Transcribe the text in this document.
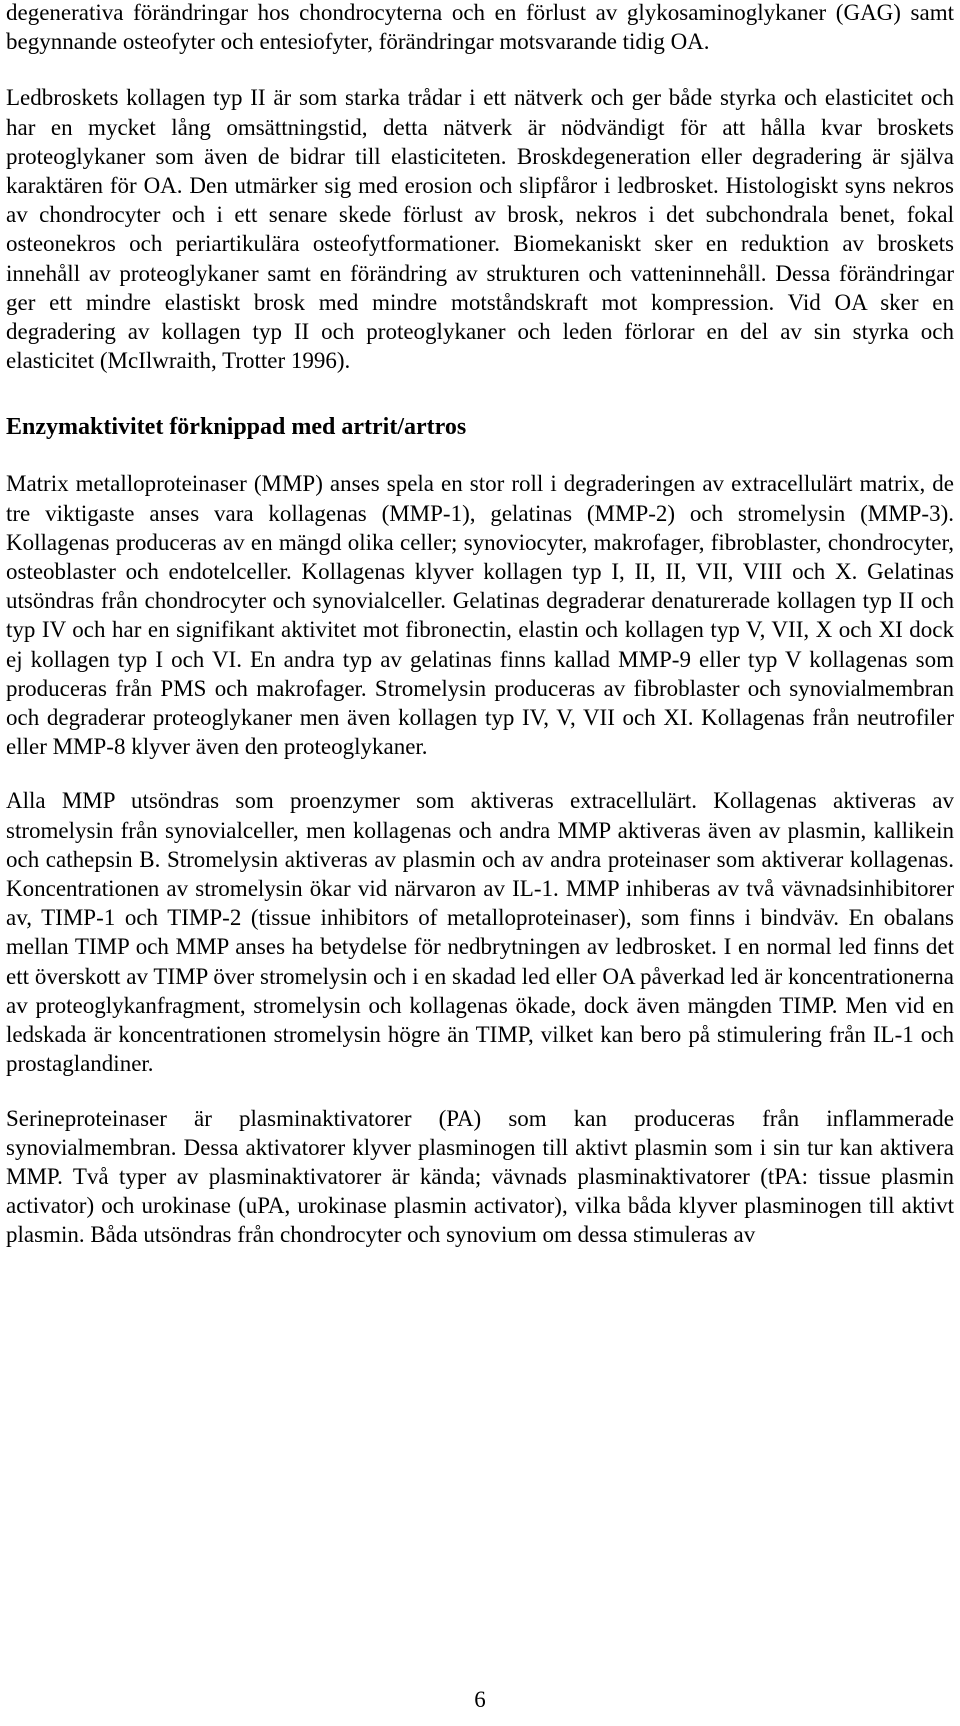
degenerativa förändringar hos chondrocyterna och en förlust av glykosaminoglykaner (GAG) samt begynnande osteofyter och entesiofyter, förändringar motsvarande tidig OA.

Ledbroskets kollagen typ II är som starka trådar i ett nätverk och ger både styrka och elasticitet och har en mycket lång omsättningstid, detta nätverk är nödvändigt för att hålla kvar broskets proteoglykaner som även de bidrar till elasticiteten. Broskdegeneration eller degradering är själva karaktären för OA. Den utmärker sig med erosion och slipfåror i ledbrosket. Histologiskt syns nekros av chondrocyter och i ett senare skede förlust av brosk, nekros i det subchondrala benet, fokal osteonekros och periartikulära osteofytformationer. Biomekaniskt sker en reduktion av broskets innehåll av proteoglykaner samt en förändring av strukturen och vatteninnehåll. Dessa förändringar ger ett mindre elastiskt brosk med mindre motståndskraft mot kompression. Vid OA sker en degradering av kollagen typ II och proteoglykaner och leden förlorar en del av sin styrka och elasticitet (McIlwraith, Trotter 1996).

Enzymaktivitet förknippad med artrit/artros

Matrix metalloproteinaser (MMP) anses spela en stor roll i degraderingen av extracellulärt matrix, de tre viktigaste anses vara kollagenas (MMP-1), gelatinas (MMP-2) och stromelysin (MMP-3). Kollagenas produceras av en mängd olika celler; synoviocyter, makrofager, fibroblaster, chondrocyter, osteoblaster och endotelceller. Kollagenas klyver kollagen typ I, II, II, VII, VIII och X. Gelatinas utsöndras från chondrocyter och synovialceller. Gelatinas degraderar denaturerade kollagen typ II och typ IV och har en signifikant aktivitet mot fibronectin, elastin och kollagen typ V, VII, X och XI dock ej kollagen typ I och VI. En andra typ av gelatinas finns kallad MMP-9 eller typ V kollagenas som produceras från PMS och makrofager. Stromelysin produceras av fibroblaster och synovialmembran och degraderar proteoglykaner men även kollagen typ IV, V, VII och XI. Kollagenas från neutrofiler eller MMP-8 klyver även den proteoglykaner.

Alla MMP utsöndras som proenzymer som aktiveras extracellulärt. Kollagenas aktiveras av stromelysin från synovialceller, men kollagenas och andra MMP aktiveras även av plasmin, kallikein och cathepsin B. Stromelysin aktiveras av plasmin och av andra proteinaser som aktiverar kollagenas. Koncentrationen av stromelysin ökar vid närvaron av IL-1. MMP inhiberas av två vävnadsinhibitorer av, TIMP-1 och TIMP-2 (tissue inhibitors of metalloproteinaser), som finns i bindväv. En obalans mellan TIMP och MMP anses ha betydelse för nedbrytningen av ledbrosket. I en normal led finns det ett överskott av TIMP över stromelysin och i en skadad led eller OA påverkad led är koncentrationerna av proteoglykanfragment, stromelysin och kollagenas ökade, dock även mängden TIMP. Men vid en ledskada är koncentrationen stromelysin högre än TIMP, vilket kan bero på stimulering från IL-1 och prostaglandiner.

Serineproteinaser är plasminaktivatorer (PA) som kan produceras från inflammerade synovialmembran. Dessa aktivatorer klyver plasminogen till aktivt plasmin som i sin tur kan aktivera MMP. Två typer av plasminaktivatorer är kända; vävnads plasminaktivatorer (tPA: tissue plasmin activator) och urokinase (uPA, urokinase plasmin activator), vilka båda klyver plasminogen till aktivt plasmin. Båda utsöndras från chondrocyter och synovium om dessa stimuleras av

6
